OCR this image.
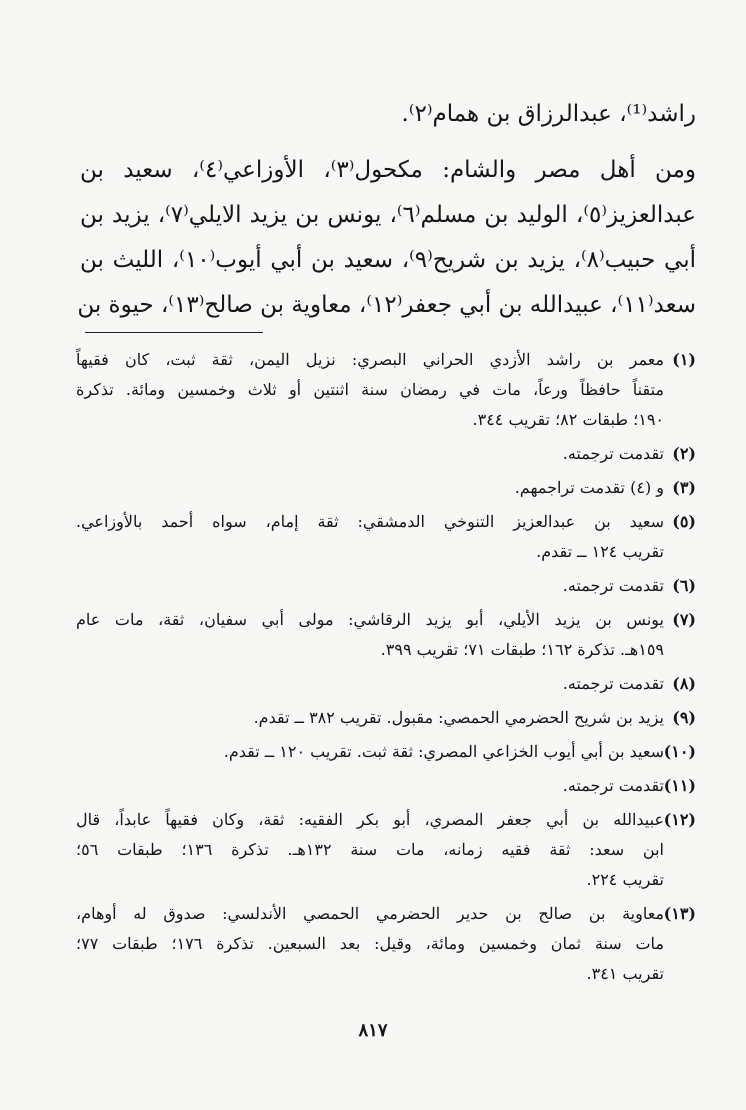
راشد⁽¹⁾، عبدالرزاق بن همام⁽٢⁾.
ومن أهل مصر والشام: مكحول⁽٣⁾، الأوزاعي⁽٤⁾، سعيد بن
عبدالعزيز⁽٥⁾، الوليد بن مسلم⁽٦⁾، يونس بن يزيد الايلي⁽٧⁾، يزيد بن
أبي حبيب⁽٨⁾، يزيد بن شريح⁽٩⁾، سعيد بن أبي أيوب⁽١٠⁾، الليث بن
سعد⁽١١⁾، عبيدالله بن أبي جعفر⁽١٢⁾، معاوية بن صالح⁽١٣⁾، حيوة بن
(١)
معمر بن راشد الأزدي الحراني البصري: نزيل اليمن، ثقة ثبت، كان فقيهاً
متقناً حافظاً ورعاً، مات في رمضان سنة اثنتين أو ثلاث وخمسين ومائة. تذكرة
١٩٠؛ طبقات ٨٢؛ تقريب ٣٤٤.
(٢)
تقدمت ترجمته.
(٣)
و (٤) تقدمت تراجمهم.
(٥)
سعيد بن عبدالعزيز التنوخي الدمشقي: ثقة إمام، سواه أحمد بالأوزاعي.
تقريب ١٢٤ ــ تقدم.
(٦)
تقدمت ترجمته.
(٧)
يونس بن يزيد الأيلي، أبو يزيد الرقاشي: مولى أبي سفيان، ثقة، مات عام
١٥٩هـ. تذكرة ١٦٢؛ طبقات ٧١؛ تقريب ٣٩٩.
(٨)
تقدمت ترجمته.
(٩)
يزيد بن شريح الحضرمي الحمصي: مقبول. تقريب ٣٨٢ ــ تقدم.
(١٠)
سعيد بن أبي أيوب الخزاعي المصري: ثقة ثبت. تقريب ١٢٠ ــ تقدم.
(١١)
تقدمت ترجمته.
(١٢)
عبيدالله بن أبي جعفر المصري، أبو بكر الفقيه: ثقة، وكان فقيهاً عابداً، قال
ابن سعد: ثقة فقيه زمانه، مات سنة ١٣٢هـ. تذكرة ١٣٦؛ طبقات ٥٦؛
تقريب ٢٢٤.
(١٣)
معاوية بن صالح بن حدير الحضرمي الحمصي الأندلسي: صدوق له أوهام،
مات سنة ثمان وخمسين ومائة، وقيل: بعد السبعين. تذكرة ١٧٦؛ طبقات ٧٧؛
تقريب ٣٤١.
٨١٧
